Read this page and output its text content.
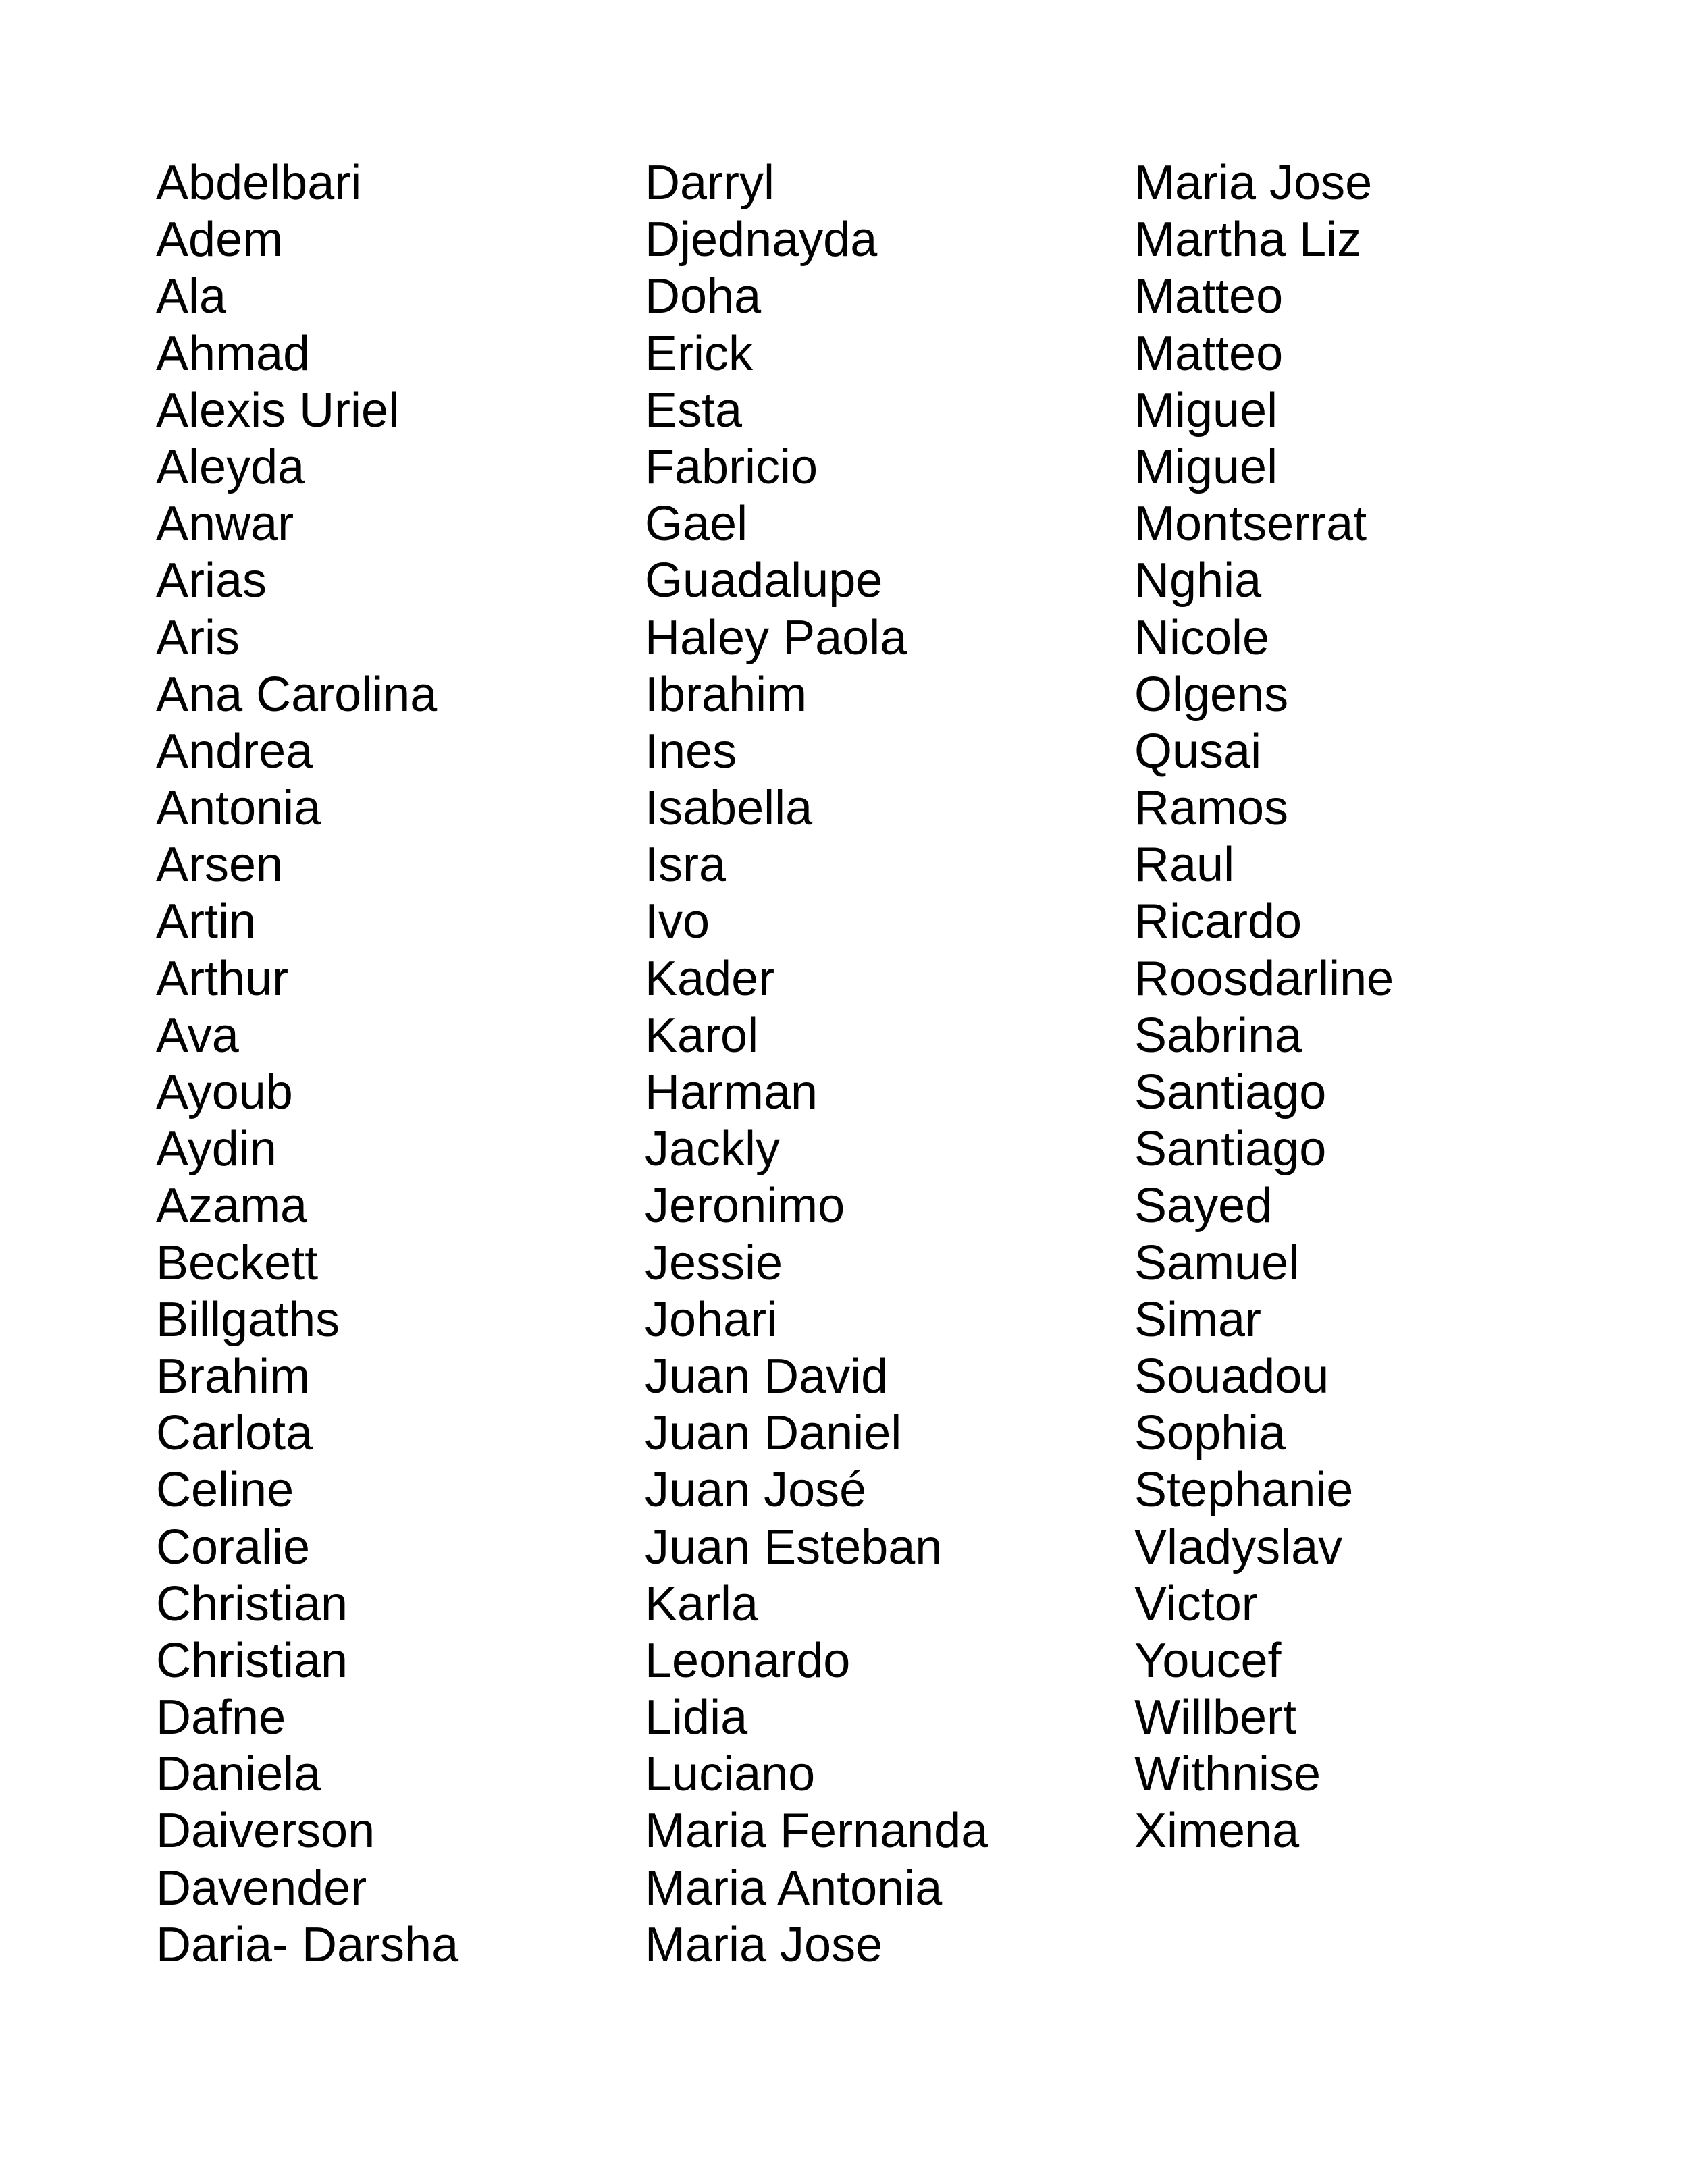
Abdelbari
Adem
Ala
Ahmad
Alexis Uriel
Aleyda
Anwar
Arias
Aris
Ana Carolina
Andrea
Antonia
Arsen
Artin
Arthur
Ava
Ayoub
Aydin
Azama
Beckett
Billgaths
Brahim
Carlota
Celine
Coralie
Christian
Christian
Dafne
Daniela
Daiverson
Davender
Daria- Darsha
Darryl
Djednayda
Doha
Erick
Esta
Fabricio
Gael
Guadalupe
Haley Paola
Ibrahim
Ines
Isabella
Isra
Ivo
Kader
Karol
Harman
Jackly
Jeronimo
Jessie
Johari
Juan David
Juan Daniel
Juan José
Juan Esteban
Karla
Leonardo
Lidia
Luciano
Maria Fernanda
Maria Antonia
Maria Jose
Maria Jose
Martha Liz
Matteo
Matteo
Miguel
Miguel
Montserrat
Nghia
Nicole
Olgens
Qusai
Ramos
Raul
Ricardo
Roosdarline
Sabrina
Santiago
Santiago
Sayed
Samuel
Simar
Souadou
Sophia
Stephanie
Vladyslav
Victor
Youcef
Willbert
Withnise
Ximena
